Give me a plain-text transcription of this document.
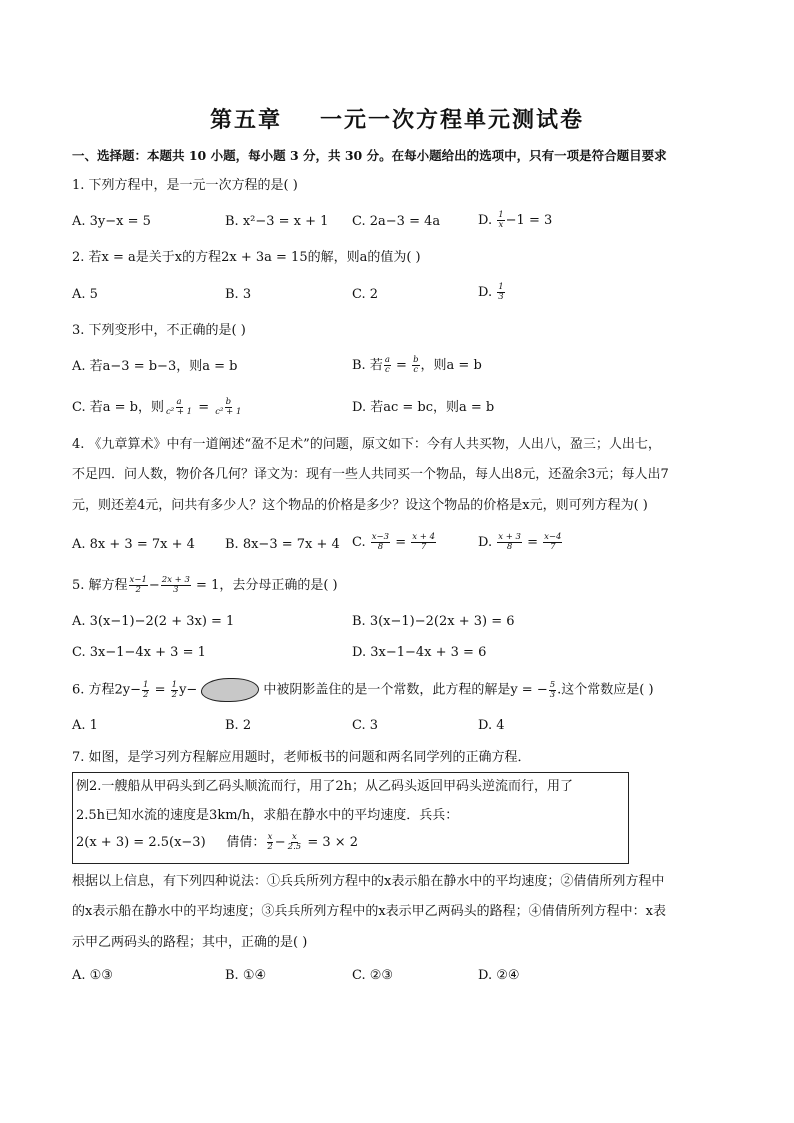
第五章 一元一次方程单元测试卷
一、选择题：本题共 10 小题，每小题 3 分，共 30 分。在每小题给出的选项中，只有一项是符合题目要求
1. 下列方程中，是一元一次方程的是( )
A. 3y−x = 5	B. x²−3 = x + 1 C. 2a−3 = 4a	D. $\frac{1}{x} -1 = 3$
2. 若x = a是关于x的方程2x + 3a = 15的解，则a的值为( )
A. 5	B. 3	C. 2	D. $\frac{1}{3}$
3. 下列变形中，不正确的是( )
A. 若a−3 = b−3，则a = b	B. 若 $\frac{a}{c} = \frac{b}{c}$ ，则a = b
C. 若a = b，则 $\frac{a}{\text{c² + 1}} = \frac{b}{\text{c² + 1}}$	D. 若ac = bc，则a = b
4. 《九章算术》中有一道阐述“盈不足术”的问题，原文如下：今有人共买物，人出八，盈三；人出七，
不足四．问人数，物价各几何？译文为：现有一些人共同买一个物品，每人出8元，还盈余3元；每人出7
元，则还差4元，问共有多少人？这个物品的价格是多少？设这个物品的价格是x元，则可列方程为( )
A. 8x + 3 = 7x + 4 B. 8x−3 = 7x + 4 C. $\frac{x-3}{8} = \frac{x + 4}{7}$	D. $\frac{x + 3}{8} = \frac{x-4}{7}$
5. 解方程 $\frac{x-1}{2} - \frac{2x + 3}{3} = 1$，去分母正确的是( )
A. 3(x−1)−2(2 + 3x) = 1	B. 3(x−1)−2(2x + 3) = 6
C. 3x−1−4x + 3 = 1	D. 3x−1−4x + 3 = 6
6. 方程$2y- \frac{1}{2} = \frac{1}{2} y-$	中被阴影盖住的是一个常数，此方程的解是y = − $\frac{5}{3}$ .这个常数应是( )
A. 1	B. 2	C. 3	D. 4
7. 如图，是学习列方程解应用题时，老师板书的问题和两名同学列的正确方程．
例2.一艘船从甲码头到乙码头顺流而行，用了2h；从乙码头返回甲码头逆流而行，用了
2.5h已知水流的速度是3km/h，求船在静水中的平均速度．兵兵：
2(x + 3) = 2.5(x−3) 倩倩： $\frac{x}{2} - \frac{x}{2.5} = 3 \times 2$
根据以上信息，有下列四种说法：①兵兵所列方程中的x表示船在静水中的平均速度；②倩倩所列方程中
的x表示船在静水中的平均速度；③兵兵所列方程中的x表示甲乙两码头的路程；④倩倩所列方程中：x表
示甲乙两码头的路程；其中，正确的是( )
A. ①③	B. ①④	C. ②③	D. ②④
